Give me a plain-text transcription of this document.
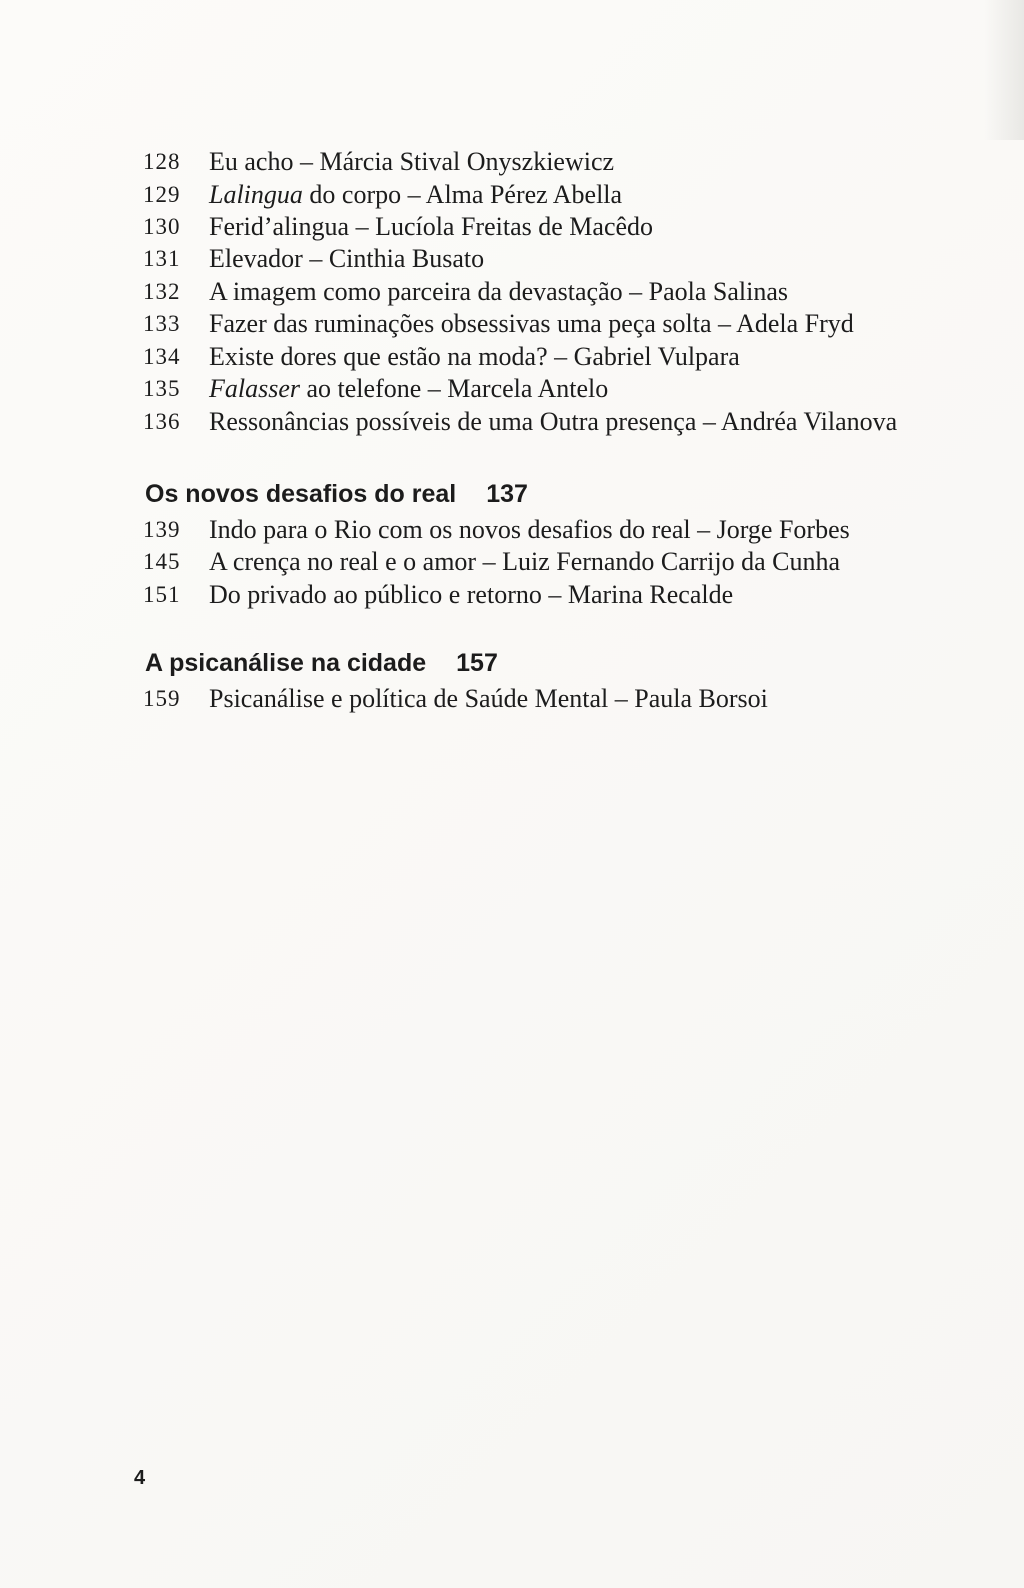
128	Eu acho – Márcia Stival Onyszkiewicz
129	Lalingua do corpo – Alma Pérez Abella
130	Ferid’alingua – Lucíola Freitas de Macêdo
131	Elevador – Cinthia Busato
132	A imagem como parceira da devastação – Paola Salinas
133	Fazer das ruminações obsessivas uma peça solta – Adela Fryd
134	Existe dores que estão na moda? – Gabriel Vulpara
135	Falasser ao telefone – Marcela Antelo
136	Ressonâncias possíveis de uma Outra presença – Andréa Vilanova
Os novos desafios do real 137
139	Indo para o Rio com os novos desafios do real – Jorge Forbes
145	A crença no real e o amor – Luiz Fernando Carrijo da Cunha
151	Do privado ao público e retorno – Marina Recalde
A psicanálise na cidade 157
159	Psicanálise e política de Saúde Mental – Paula Borsoi
4
